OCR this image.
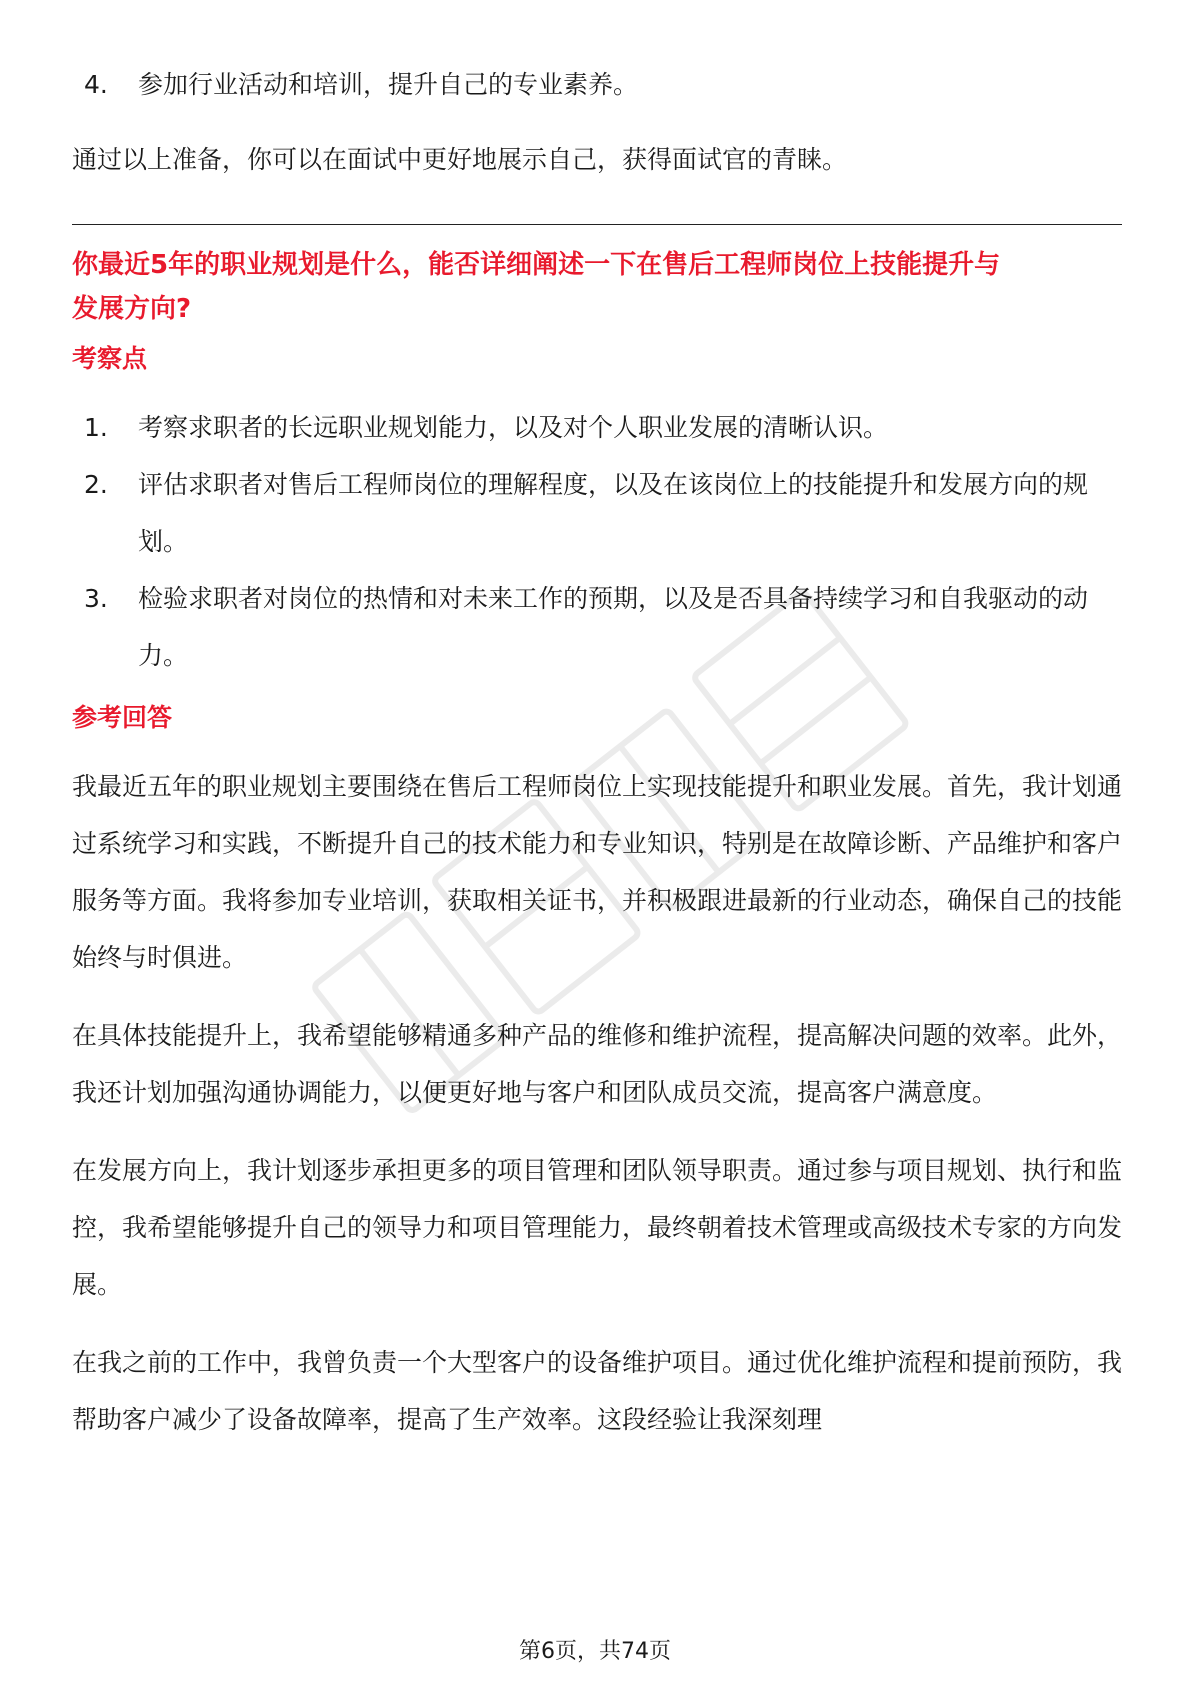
4.	参加行业活动和培训，提升自己的专业素养。

通过以上准备，你可以在面试中更好地展示自己，获得面试官的青睐。

你最近5年的职业规划是什么，能否详细阐述一下在售后工程师岗位上技能提升与

发展方向?

考察点

1.	考察求职者的长远职业规划能力，以及对个人职业发展的清晰认识。
2.	评估求职者对售后工程师岗位的理解程度，以及在该岗位上的技能提升和发展方向的规划。
3.	检验求职者对岗位的热情和对未来工作的预期，以及是否具备持续学习和自我驱动的动力。

参考回答

我最近五年的职业规划主要围绕在售后工程师岗位上实现技能提升和职业发展。首先，我计划通过系统学习和实践，不断提升自己的技术能力和专业知识，特别是在故障诊断、产品维护和客户服务等方面。我将参加专业培训，获取相关证书，并积极跟进最新的行业动态，确保自己的技能始终与时俱进。

在具体技能提升上，我希望能够精通多种产品的维修和维护流程，提高解决问题的效率。此外，我还计划加强沟通协调能力，以便更好地与客户和团队成员交流，提高客户满意度。

在发展方向上，我计划逐步承担更多的项目管理和团队领导职责。通过参与项目规划、执行和监控，我希望能够提升自己的领导力和项目管理能力，最终朝着技术管理或高级技术专家的方向发展。

在我之前的工作中，我曾负责一个大型客户的设备维护项目。通过优化维护流程和提前预防，我帮助客户减少了设备故障率，提高了生产效率。这段经验让我深刻理

第6页，共74页
